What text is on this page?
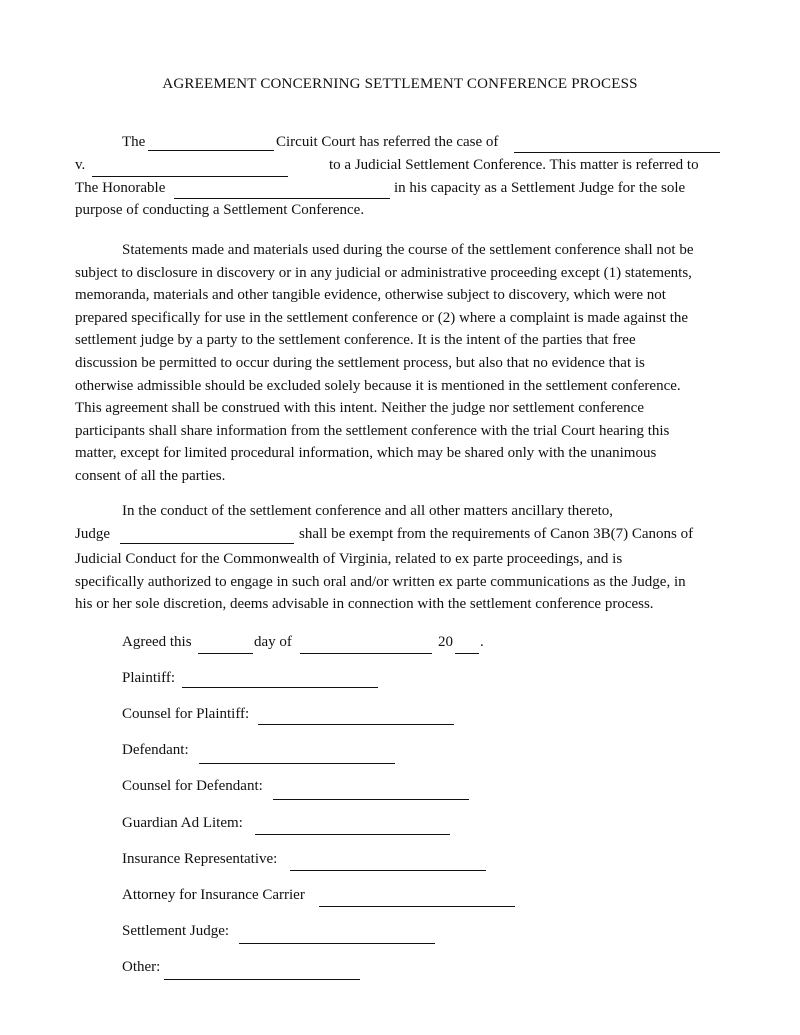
AGREEMENT CONCERNING SETTLEMENT CONFERENCE PROCESS
The	Circuit Court has referred the case of
v.	to a Judicial Settlement Conference. This matter is referred to
The Honorable	in his capacity as a Settlement Judge for the sole
purpose of conducting a Settlement Conference.
Statements made and materials used during the course of the settlement conference shall not be
subject to disclosure in discovery or in any judicial or administrative proceeding except (1) statements,
memoranda, materials and other tangible evidence, otherwise subject to discovery, which were not
prepared specifically for use in the settlement conference or (2) where a complaint is made against the
settlement judge by a party to the settlement conference. It is the intent of the parties that free
discussion be permitted to occur during the settlement process, but also that no evidence that is
otherwise admissible should be excluded solely because it is mentioned in the settlement conference.
This agreement shall be construed with this intent. Neither the judge nor settlement conference
participants shall share information from the settlement conference with the trial Court hearing this
matter, except for limited procedural information, which may be shared only with the unanimous
consent of all the parties.
In the conduct of the settlement conference and all other matters ancillary thereto,
Judge	shall be exempt from the requirements of Canon 3B(7) Canons of
Judicial Conduct for the Commonwealth of Virginia, related to ex parte proceedings, and is
specifically authorized to engage in such oral and/or written ex parte communications as the Judge, in
his or her sole discretion, deems advisable in connection with the settlement conference process.
Agreed this	day of	20 .
Plaintiff:
Counsel for Plaintiff:
Defendant:
Counsel for Defendant:
Guardian Ad Litem:
Insurance Representative:
Attorney for Insurance Carrier
Settlement Judge:
Other:
